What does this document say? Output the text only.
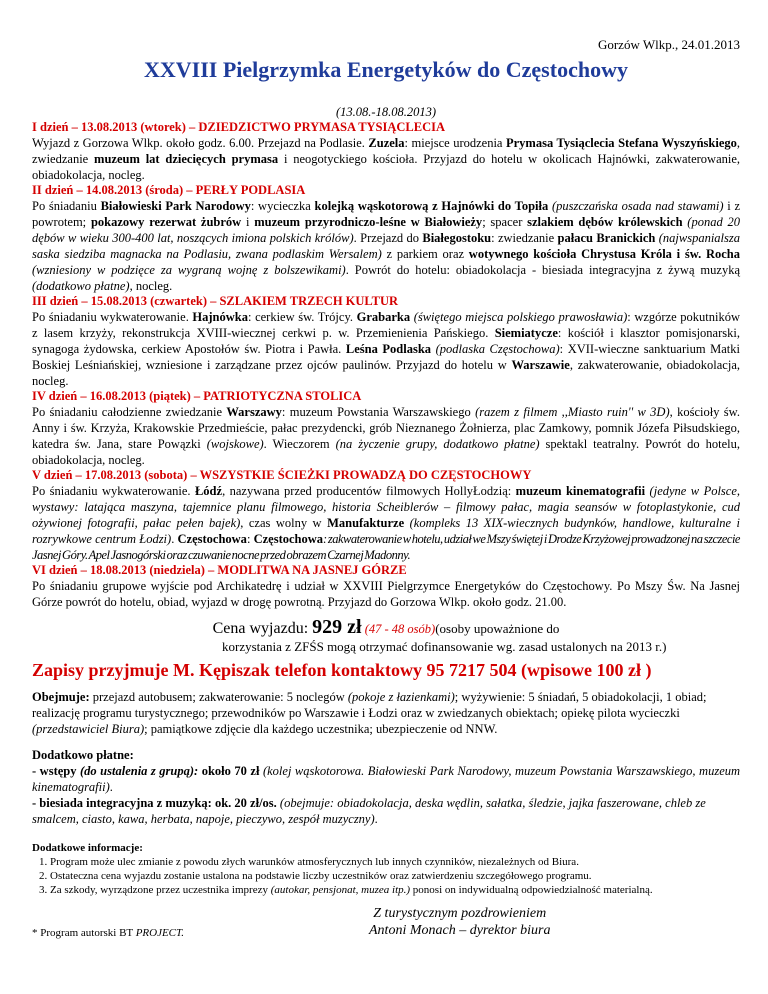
Gorzów Wlkp., 24.01.2013
XXVIII Pielgrzymka Energetyków do Częstochowy
(13.08.-18.08.2013)
I dzień – 13.08.2013 (wtorek) – DZIEDZICTWO PRYMASA TYSIĄCLECIA
Wyjazd z Gorzowa Wlkp. około godz. 6.00. Przejazd na Podlasie. Zuzela: miejsce urodzenia Prymasa Tysiąclecia Stefana Wyszyńskiego, zwiedzanie muzeum lat dziecięcych prymasa i neogotyckiego kościoła. Przyjazd do hotelu w okolicach Hajnówki, zakwaterowanie, obiadokolacja, nocleg.
II dzień – 14.08.2013 (środa) – PERŁY PODLASIA
Po śniadaniu Białowieski Park Narodowy: wycieczka kolejką wąskotorową z Hajnówki do Topiła (puszczańska osada nad stawami) i z powrotem; pokazowy rezerwat żubrów i muzeum przyrodniczo-leśne w Białowieży; spacer szlakiem dębów królewskich (ponad 20 dębów w wieku 300-400 lat, noszących imiona polskich królów). Przejazd do Białegostoku: zwiedzanie pałacu Branickich (najwspanialsza saska siedziba magnacka na Podlasiu, zwana podlaskim Wersalem) z parkiem oraz wotywnego kościoła Chrystusa Króla i św. Rocha (wzniesiony w podzięce za wygraną wojnę z bolszewikami). Powrót do hotelu: obiadokolacja - biesiada integracyjna z żywą muzyką (dodatkowo płatne), nocleg.
III dzień – 15.08.2013 (czwartek) – SZLAKIEM TRZECH KULTUR
Po śniadaniu wykwaterowanie. Hajnówka: cerkiew św. Trójcy. Grabarka (świętego miejsca polskiego prawosławia): wzgórze pokutników z lasem krzyży, rekonstrukcja XVIII-wiecznej cerkwi p. w. Przemienienia Pańskiego. Siemiatycze: kościół i klasztor pomisjonarski, synagoga żydowska, cerkiew Apostołów św. Piotra i Pawła. Leśna Podlaska (podlaska Częstochowa): XVII-wieczne sanktuarium Matki Boskiej Leśniańskiej, wzniesione i zarządzane przez ojców paulinów. Przyjazd do hotelu w Warszawie, zakwaterowanie, obiadokolacja, nocleg.
IV dzień – 16.08.2013 (piątek) – PATRIOTYCZNA STOLICA
Po śniadaniu całodzienne zwiedzanie Warszawy: muzeum Powstania Warszawskiego (razem z filmem ,,Miasto ruin'' w 3D), kościoły św. Anny i św. Krzyża, Krakowskie Przedmieście, pałac prezydencki, grób Nieznanego Żołnierza, plac Zamkowy, pomnik Józefa Piłsudskiego, katedra św. Jana, stare Powązki (wojskowe). Wieczorem (na życzenie grupy, dodatkowo płatne) spektakl teatralny. Powrót do hotelu, obiadokolacja, nocleg.
V dzień – 17.08.2013 (sobota) – WSZYSTKIE ŚCIEŻKI PROWADZĄ DO CZĘSTOCHOWY
Po śniadaniu wykwaterowanie. Łódź, nazywana przed producentów filmowych HollyŁodzią: muzeum kinematografii (jedyne w Polsce, wystawy: latająca maszyna, tajemnice planu filmowego, historia Scheiblerów – filmowy pałac, magia seansów w fotoplastykonie, cud ożywionej fotografii, pałac pełen bajek), czas wolny w Manufakturze (kompleks 13 XIX-wiecznych budynków, handlowe, kulturalne i rozrywkowe centrum Łodzi). Częstochowa: Częstochowa: zakwaterowanie w hotelu, udział we Mszy świętej i Drodze Krzyżowej prowadzonej na szczecie Jasnej Góry. Apel Jasnogórski oraz czuwanie nocne przed obrazem Czarnej Madonny.
VI dzień – 18.08.2013 (niedziela) – MODLITWA NA JASNEJ GÓRZE
Po śniadaniu grupowe wyjście pod Archikatedrę i udział w XXVIII Pielgrzymce Energetyków do Częstochowy. Po Mszy Św. Na Jasnej Górze powrót do hotelu, obiad, wyjazd w drogę powrotną. Przyjazd do Gorzowa Wlkp. około godz. 21.00.
Cena wyjazdu: 929 zł (47 - 48 osób)(osoby upoważnione do
korzystania z ZFŚS mogą otrzymać dofinansowanie wg. zasad ustalonych na 2013 r.)
Zapisy przyjmuje M. Kępiszak telefon kontaktowy 95 7217 504 (wpisowe 100 zł )
Obejmuje: przejazd autobusem; zakwaterowanie: 5 noclegów (pokoje z łazienkami); wyżywienie: 5 śniadań, 5 obiadokolacji, 1 obiad; realizację programu turystycznego; przewodników po Warszawie i Łodzi oraz w zwiedzanych obiektach; opiekę pilota wycieczki (przedstawiciel Biura); pamiątkowe zdjęcie dla każdego uczestnika; ubezpieczenie od NNW.
Dodatkowo płatne:
- wstępy (do ustalenia z grupą): około 70 zł (kolej wąskotorowa. Białowieski Park Narodowy, muzeum Powstania Warszawskiego, muzeum kinematografii).
- biesiada integracyjna z muzyką: ok. 20 zł/os. (obejmuje: obiadokolacja, deska wędlin, sałatka, śledzie, jajka faszerowane, chleb ze smalcem, ciasto, kawa, herbata, napoje, pieczywo, zespół muzyczny).
Dodatkowe informacje:
1. Program może ulec zmianie z powodu złych warunków atmosferycznych lub innych czynników, niezależnych od Biura.
2. Ostateczna cena wyjazdu zostanie ustalona na podstawie liczby uczestników oraz zatwierdzeniu szczegółowego programu.
3. Za szkody, wyrządzone przez uczestnika imprezy (autokar, pensjonat, muzea itp.) ponosi on indywidualną odpowiedzialność materialną.
* Program autorski BT PROJECT.
Z turystycznym pozdrowieniem
Antoni Monach – dyrektor biura
